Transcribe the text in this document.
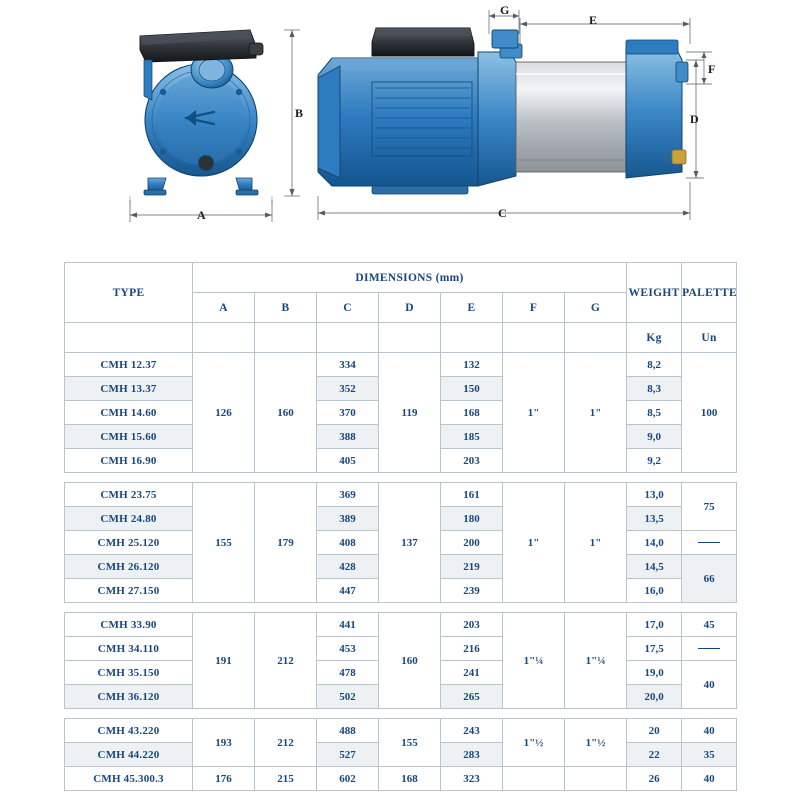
A
B
G
E
F
D
C
TYPE	DIMENSIONS (mm)							WEIGHT	PALETTE
	A	B	C	D	E	F	G		
								Kg	Un
CMH 12.37	126	160	334	119	132	1"	1"	8,2	100
CMH 13.37			352		150			8,3	
CMH 14.60			370		168			8,5	
CMH 15.60			388		185			9,0	
CMH 16.90			405		203			9,2	

CMH 23.75	155	179	369	137	161	1"	1"	13,0	75
CMH 24.80			389		180			13,5	
CMH 25.120			408		200			14,0	
CMH 26.120			428		219			14,5	66
CMH 27.150			447		239			16,0	

CMH 33.90	191	212	441	160	203	1"¼	1"¼	17,0	45
CMH 34.110			453		216			17,5	
CMH 35.150			478		241			19,0	40
CMH 36.120			502		265			20,0	

CMH 43.220	193	212	488	155	243	1"½	1"½	20	40
CMH 44.220			527		283			22	35
CMH 45.300.3	176	215	602	168	323			26	40
